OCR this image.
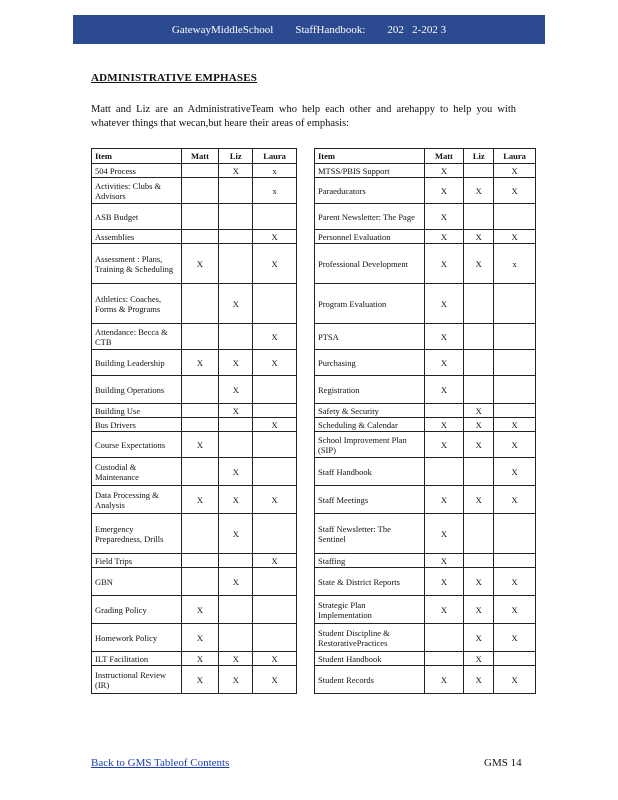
GatewayMiddleSchool StaffHandbook: 202   2-202 3
ADMINISTRATIVE EMPHASES
Matt and Liz are an AdministrativeTeam who help each other and arehappy to help you with whatever things that wecan,but heare their areas of emphasis:
Item	Matt	Liz	Laura
504 Process		X	x
Activities: Clubs & Advisors			x
ASB Budget			
Assemblies			X
Assessment : Plans, Training & Scheduling	X		X
Athletics: Coaches, Forms & Programs		X	
Attendance: Becca & CTB			X
Building Leadership	X	X	X
Building Operations		X	
Building Use		X	
Bus Drivers			X
Course Expectations	X		
Custodial & Maintenance		X	
Data Processing & Analysis	X	X	X
Emergency Preparedness, Drills		X	
Field Trips			X
GBN		X	
Grading Policy	X		
Homework Policy	X		
ILT Facilitation	X	X	X
Instructional Review (IR)	X	X	X
Item	Matt	Liz	Laura
MTSS/PBIS Support	X		X
Paraeducators	X	X	X
Parent Newsletter: The Page	X		
Personnel Evaluation	X	X	X
Professional Development	X	X	x
Program Evaluation	X		
PTSA	X		
Purchasing	X		
Registration	X		
Safety & Security		X	
Scheduling & Calendar	X	X	X
School Improvement Plan (SIP)	X	X	X
Staff Handbook			X
Staff Meetings	X	X	X
Staff Newsletter: The Sentinel	X		
Staffing	X		
State & District Reports	X	X	X
Strategic Plan Implementation	X	X	X
Student Discipline & RestorativePractices		X	X
Student Handbook		X	
Student Records	X	X	X
Back to GMS Tableof Contents	GMS 14
